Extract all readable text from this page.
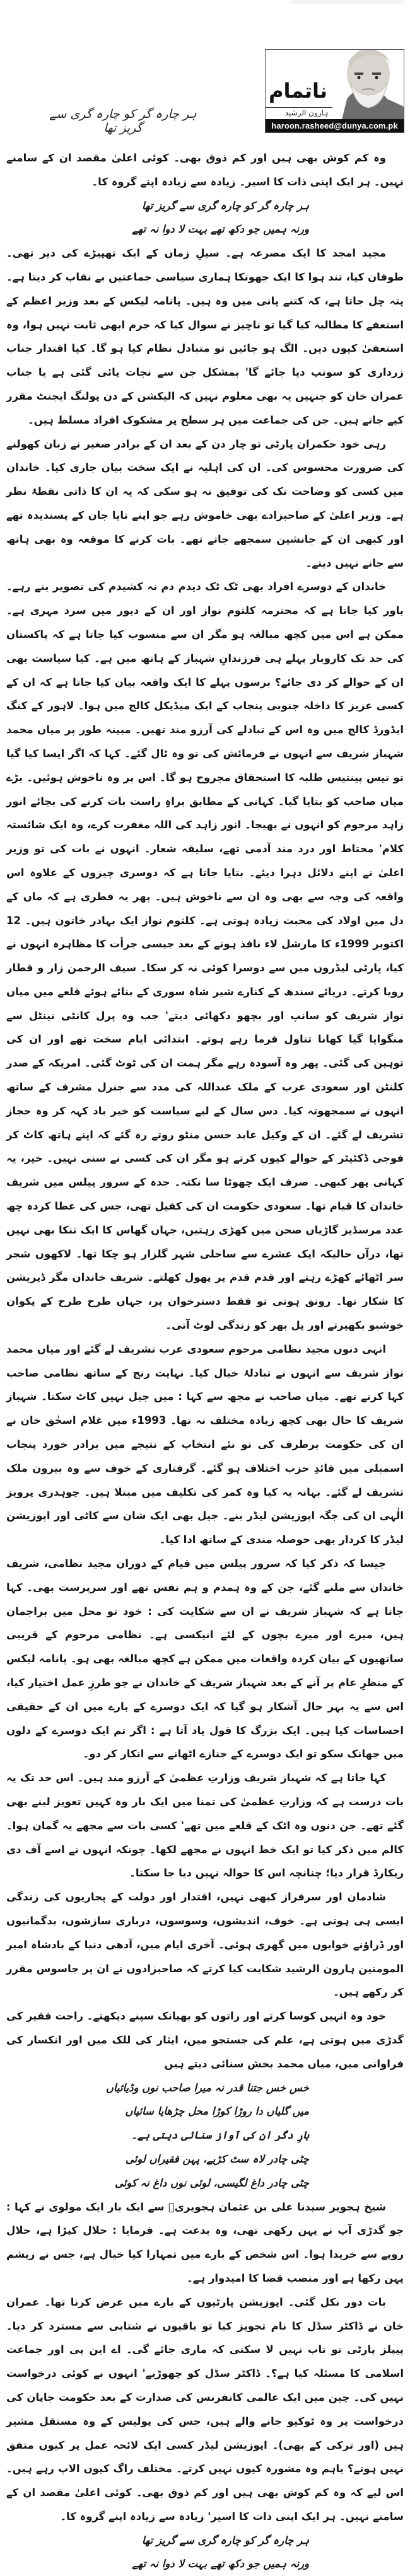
ناتمام
ہارون الرشید
haroon.rasheed@dunya.com.pk
ہر چارہ گر کو چارہ گری سے گریز تھا

وہ کم کوش بھی ہیں اور کم ذوق بھی۔ کوئی اعلیٰ مقصد ان کے سامنے نہیں۔ ہر ایک اپنی ذات کا اسیر۔ زیادہ سے زیادہ اپنے گروہ کا۔

ہر چارہ گر کو چارہ گری سے گریز تھا
ورنہ ہمیں جو دکھ تھے بہت لا دوا نہ تھے

مجید امجد کا ایک مصرعہ ہے۔ سیلِ زماں کے ایک تھپیڑے کی دیر تھی۔ طوفان کیا، تند ہوا کا ایک جھونکا ہماری سیاسی جماعتیں بے نقاب کر دیتا ہے۔ پتہ چل جاتا ہے، کہ کتنے پانی میں وہ ہیں۔ پانامہ لیکس کے بعد وزیر اعظم کے استعفے کا مطالبہ کیا گیا تو ناچیز نے سوال کیا کہ جرم ابھی ثابت نہیں ہوا، وہ استعفیٰ کیوں دیں۔ الگ ہو جائیں تو متبادل نظام کیا ہو گا۔ کیا اقتدار جناب زرداری کو سونپ دیا جائے گا' بمشکل جن سے نجات پائی گئی ہے یا جناب عمران خان کو جنہیں یہ بھی معلوم نہیں کہ الیکشن کے دن پولنگ ایجنٹ مقرر کیے جاتے ہیں۔ جن کی جماعت میں ہر سطح پر مشکوک افراد مسلط ہیں۔

رہی خود حکمران پارٹی تو چار دن کے بعد ان کے برادر صغیر نے زبان کھولنے کی ضرورت محسوس کی۔ ان کی اہلیہ نے ایک سخت بیان جاری کیا۔ خاندان میں کسی کو وضاحت تک کی توفیق نہ ہو سکی کہ یہ ان کا ذاتی نقطۂ نظر ہے۔ وزیر اعلیٰ کے صاحبزادے بھی خاموش رہے جو اپنے تایا جان کے پسندیدہ تھے اور کبھی ان کے جانشین سمجھے جاتے تھے۔ بات کرنے کا موقعہ وہ بھی ہاتھ سے جانے نہیں دیتے۔

خاندان کے دوسرے افراد بھی ٹک ٹک دیدم دم نہ کشیدم کی تصویر بنے رہے۔ باور کیا جاتا ہے کہ محترمہ کلثوم نواز اور ان کے دیور میں سرد مہری ہے۔ ممکن ہے اس میں کچھ مبالغہ ہو مگر ان سے منسوب کیا جاتا ہے کہ پاکستان کی حد تک کاروبار پہلے ہی فرزندانِ شہباز کے ہاتھ میں ہے۔ کیا سیاست بھی ان کے حوالے کر دی جائے؟ برسوں پہلے کا ایک واقعہ بیان کیا جاتا ہے کہ ان کے کسی عزیز کا داخلہ جنوبی پنجاب کے ایک میڈیکل کالج میں ہوا۔ لاہور کے کنگ ایڈورڈ کالج میں وہ اس کے تبادلے کی آرزو مند تھیں۔ مبینہ طور پر میاں محمد شہباز شریف سے انہوں نے فرمائش کی تو وہ ٹال گئے۔ کہا کہ اگر ایسا کیا گیا تو تیس پینتیس طلبہ کا استحقاق مجروح ہو گا۔ اس پر وہ ناخوش ہوئیں۔ بڑے میاں صاحب کو بتایا گیا۔ کہانی کے مطابق براہِ راست بات کرنے کی بجائے انور زاہد مرحوم کو انہوں نے بھیجا۔ انور زاہد کی اللہ مغفرت کرے، وہ ایک شائستہ کلام' محتاط اور درد مند آدمی تھے، سلیقہ شعار۔ انہوں نے بات کی تو وزیر اعلیٰ نے اپنے دلائل دہرا دیئے۔ بتایا جاتا ہے کہ دوسری چیزوں کے علاوہ اس واقعہ کی وجہ سے بھی وہ ان سے ناخوش ہیں۔ پھر یہ فطری ہے کہ ماں کے دل میں اولاد کی محبت زیادہ ہوتی ہے۔ کلثوم نواز ایک بہادر خاتون ہیں۔ 12 اکتوبر 1999ء کا مارشل لاء نافذ ہونے کے بعد جیسی جرأت کا مظاہرہ انہوں نے کیا، پارٹی لیڈروں میں سے دوسرا کوئی نہ کر سکا۔ سیف الرحمن زار و قطار رویا کرتے۔ دریائے سندھ کے کنارے شیر شاہ سوری کے بنائے ہوئے قلعے میں میاں نواز شریف کو سانپ اور بچھو دکھائی دیتے' جب وہ پرل کانٹی نینٹل سے منگوایا گیا کھانا تناول فرما رہے ہوتے۔ ابتدائی ایام سخت تھے اور ان کی توہین کی گئی۔ پھر وہ آسودہ رہے مگر ہمت ان کی ٹوٹ گئی۔ امریکہ کے صدر کلنٹن اور سعودی عرب کے ملک عبداللہ کی مدد سے جنرل مشرف کے ساتھ انہوں نے سمجھوتہ کیا۔ دس سال کے لیے سیاست کو خیر باد کہہ کر وہ حجاز تشریف لے گئے۔ ان کے وکیل عابد حسن منٹو روتے رہ گئے کہ اپنے ہاتھ کاٹ کر فوجی ڈکٹیٹر کے حوالے کیوں کرتے ہو مگر ان کی کسی نے سنی نہیں۔ خیر، یہ کہانی پھر کبھی۔ صرف ایک چھوٹا سا نکتہ۔ جدہ کے سرور پیلس میں شریف خاندان کا قیام تھا۔ سعودی حکومت ان کی کفیل تھی، جس کی عطا کردہ چھ عدد مرسڈیز گاڑیاں صحن میں کھڑی رہتیں، جہاں گھاس کا ایک تنکا بھی نہیں تھا، درآں حالیکہ ایک عشرے سے ساحلی شہر گلزار ہو چکا تھا۔ لاکھوں شجر سر اٹھائے کھڑے رہتے اور قدم قدم پر پھول کھلتے۔ شریف خاندان مگر ڈپریشن کا شکار تھا۔ رونق ہوتی تو فقط دسترخوان پر، جہاں طرح طرح کے پکوان خوشبو بکھیرتے اور پل بھر کو زندگی لوٹ آتی۔

انہی دنوں مجید نظامی مرحوم سعودی عرب تشریف لے گئے اور میاں محمد نواز شریف سے انہوں نے تبادلۂ خیال کیا۔ نہایت رنج کے ساتھ نظامی صاحب کہا کرتے تھے۔ میاں صاحب نے مجھ سے کہا : میں جیل نہیں کاٹ سکتا۔ شہباز شریف کا حال بھی کچھ زیادہ مختلف نہ تھا۔ 1993ء میں غلام اسحٰق خان نے ان کی حکومت برطرف کی تو نئے انتخاب کے نتیجے میں برادر خورد پنجاب اسمبلی میں قائدِ حزب اختلاف ہو گئے۔ گرفتاری کے خوف سے وہ بیرون ملک تشریف لے گئے۔ بہانہ یہ کیا وہ کمر کی تکلیف میں مبتلا ہیں۔ چوہدری پرویز الٰہی ان کی جگہ اپوزیشن لیڈر بنے۔ جیل بھی ایک شان سے کاٹی اور اپوزیشن لیڈر کا کردار بھی حوصلہ مندی کے ساتھ ادا کیا۔

جیسا کہ ذکر کیا کہ سرور پیلس میں قیام کے دوران مجید نظامی، شریف خاندان سے ملنے گئے، جن کے وہ ہمدم و ہم نفس تھے اور سرپرست بھی۔ کہا جاتا ہے کہ شہباز شریف نے ان سے شکایت کی : خود تو محل میں براجمان ہیں، میرے اور میرے بچوں کے لئے انیکسی ہے۔ نظامی مرحوم کے قریبی ساتھیوں کے بیان کردہ واقعات میں ممکن ہے کچھ مبالغہ بھی ہو۔ پانامہ لیکس کے منظرِ عام پر آنے کے بعد شہباز شریف کے خاندان نے جو طرزِ عمل اختیار کیا، اس سے یہ بہر حال آشکار ہو گیا کہ ایک دوسرے کے بارے میں ان کے حقیقی احساسات کیا ہیں۔ ایک بزرگ کا قول یاد آتا ہے : اگر تم ایک دوسرے کے دلوں میں جھانک سکو تو ایک دوسرے کے جنازے اٹھانے سے انکار کر دو۔

کہا جاتا ہے کہ شہباز شریف وزارتِ عظمیٰ کے آرزو مند ہیں۔ اس حد تک یہ بات درست ہے کہ وزارتِ عظمیٰ کی تمنا میں ایک بار وہ کہیں تعویز لینے بھی گئے تھے۔ جن دنوں وہ اٹک کے قلعے میں تھے' کسی بات سے مجھے یہ گمان ہوا۔ کالم میں ذکر کیا تو ایک خط انہوں نے مجھے لکھا۔ چونکہ انہوں نے اسے آف دی ریکارڈ قرار دیا؛ چنانچہ اس کا حوالہ نہیں دیا جا سکتا۔

شادمان اور سرفراز کبھی نہیں، اقتدار اور دولت کے پجاریوں کی زندگی ایسی ہی ہوتی ہے۔ خوف، اندیشوں، وسوسوں، درباری سازشوں، بدگمانیوں اور ڈراؤنے خوابوں میں گھری ہوئی۔ آخری ایام میں، آدھی دنیا کے بادشاہ امیر المومنین ہارون الرشید شکایت کیا کرتے کہ صاحبزادوں نے ان پر جاسوس مقرر کر رکھے ہیں۔

خود وہ انہیں کوسا کرتے اور راتوں کو بھیانک سپنے دیکھتے۔ راحت فقیر کی گدڑی میں ہوتی ہے، علم کی جستجو میں، ایثار کی للک میں اور انکسار کی فراوانی میں، میاں محمد بخش سنائی دیتے ہیں

خس خس جتنا قدر نہ میرا صاحب نوں وڈیائیاں
میں گلیاں دا روڑا کوڑا محل چڑھایا سائیاں
بارِ دگر ان کی آواز سنائی دیتی ہے۔
چٹی چادر لاہ سٹ کڑیے، پہن فقیراں لوئی
چٹی چادر داغ لگیسی، لوئی نوں داغ نہ کوئی

شیخ ہجویر سیدنا علی بن عثمان ہجویریؒ سے ایک بار ایک مولوی نے کہا : جو گدڑی آپ نے پہن رکھی تھی، وہ بدعت ہے۔ فرمایا : حلال کپڑا ہے، حلال روپے سے خریدا ہوا۔ اس شخص کے بارے میں تمہارا کیا خیال ہے، جس نے ریشم پہن رکھا ہے اور منصب قضا کا امیدوار ہے۔

بات دور نکل گئی۔ اپوزیشن پارٹیوں کے بارے میں عرض کرنا تھا۔ عمران خان نے ڈاکٹر سڈل کا نام تجویز کیا تو باقیوں نے شتابی سے مسترد کر دیا۔ پیپلز پارٹی تو تاب نہیں لا سکتی کہ ماری جائے گی۔ اے این پی اور جماعت اسلامی کا مسئلہ کیا ہے؟۔ ڈاکٹر سڈل کو چھوڑیے' انہوں نے کوئی درخواست نہیں کی۔ چین میں ایک عالمی کانفرنس کی صدارت کے بعد حکومت جاپان کی درخواست پر وہ ٹوکیو جانے والے ہیں، جس کی پولیس کے وہ مستقل مشیر ہیں (اور ترکی کے بھی)۔ اپوزیشن لیڈر کسی ایک لائحہ عمل پر کیوں متفق نہیں ہوتے؟ باہم وہ مشورہ کیوں نہیں کرتے۔ مختلف راگ کیوں الاپ رہے ہیں۔ اس لیے کہ وہ کم کوش بھی ہیں اور کم ذوق بھی۔ کوئی اعلیٰ مقصد ان کے سامنے نہیں۔ ہر ایک اپنی ذات کا اسیر' زیادہ سے زیادہ اپنے گروہ کا۔

ہر چارہ گر کو چارہ گری سے گریز تھا
ورنہ ہمیں جو دکھ تھے بہت لا دوا نہ تھے
